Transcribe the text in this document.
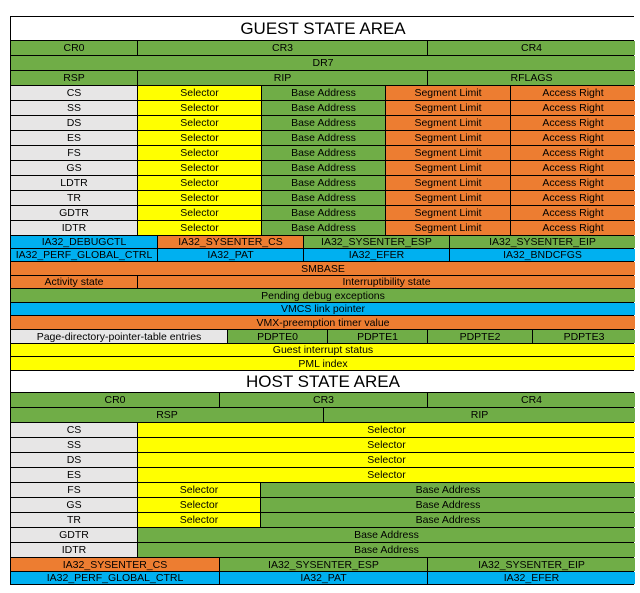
GUEST STATE AREA
CR0	CR3	CR4
DR7
RSP	RIP	RFLAGS
CS	Selector	Base Address	Segment Limit	Access Right
SS	Selector	Base Address	Segment Limit	Access Right
DS	Selector	Base Address	Segment Limit	Access Right
ES	Selector	Base Address	Segment Limit	Access Right
FS	Selector	Base Address	Segment Limit	Access Right
GS	Selector	Base Address	Segment Limit	Access Right
LDTR	Selector	Base Address	Segment Limit	Access Right
TR	Selector	Base Address	Segment Limit	Access Right
GDTR	Selector	Base Address	Segment Limit	Access Right
IDTR	Selector	Base Address	Segment Limit	Access Right
IA32_DEBUGCTL	IA32_SYSENTER_CS	IA32_SYSENTER_ESP	IA32_SYSENTER_EIP
IA32_PERF_GLOBAL_CTRL	IA32_PAT	IA32_EFER	IA32_BNDCFGS
SMBASE
Activity state	Interruptibility state
Pending debug exceptions
VMCS link pointer
VMX-preemption timer value
Page-directory-pointer-table entries	PDPTE0	PDPTE1	PDPTE2	PDPTE3
Guest interrupt status
PML index
HOST STATE AREA
CR0	CR3	CR4
RSP	RIP
CS	Selector
SS	Selector
DS	Selector
ES	Selector
FS	Selector	Base Address
GS	Selector	Base Address
TR	Selector	Base Address
GDTR	Base Address
IDTR	Base Address
IA32_SYSENTER_CS	IA32_SYSENTER_ESP	IA32_SYSENTER_EIP
IA32_PERF_GLOBAL_CTRL	IA32_PAT	IA32_EFER
